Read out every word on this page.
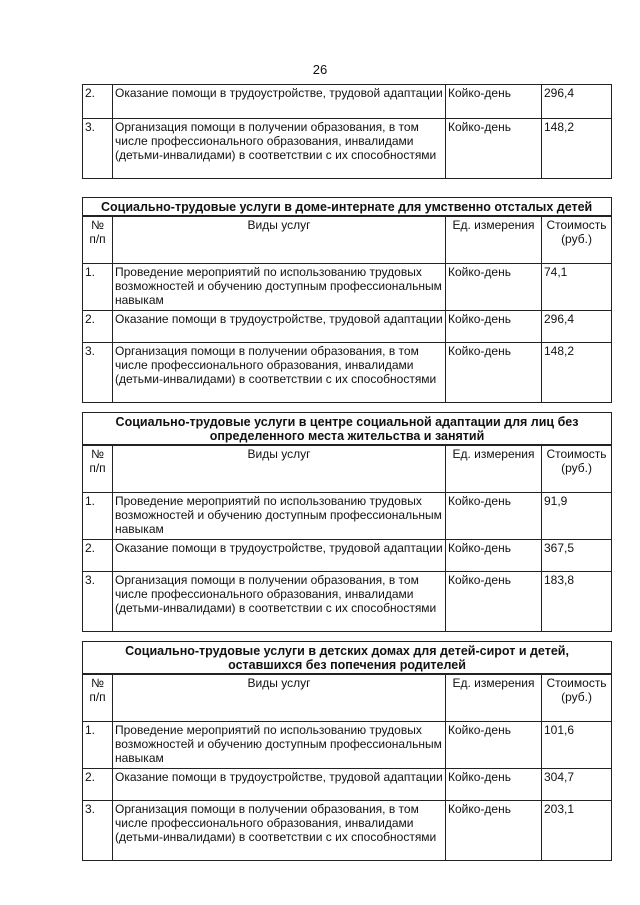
26
2.	Оказание помощи в трудоустройстве, трудовой адаптации	Койко-день	296,4
3.	Организация помощи в получении образования, в том числе профессионального образования, инвалидами (детьми-инвалидами) в соответствии с их способностями	Койко-день	148,2
Социально-трудовые услуги в доме-интернате для умственно отсталых детей			
№ п/п	Виды услуг	Ед. измерения	Стоимость (руб.)
1.	Проведение мероприятий по использованию трудовых возможностей и обучению доступным профессиональным навыкам	Койко-день	74,1
2.	Оказание помощи в трудоустройстве, трудовой адаптации	Койко-день	296,4
3.	Организация помощи в получении образования, в том числе профессионального образования, инвалидами (детьми-инвалидами) в соответствии с их способностями	Койко-день	148,2
Социально-трудовые услуги в центре социальной адаптации для лиц без определенного места жительства и занятий			
№ п/п	Виды услуг	Ед. измерения	Стоимость (руб.)
1.	Проведение мероприятий по использованию трудовых возможностей и обучению доступным профессиональным навыкам	Койко-день	91,9
2.	Оказание помощи в трудоустройстве, трудовой адаптации	Койко-день	367,5
3.	Организация помощи в получении образования, в том числе профессионального образования, инвалидами (детьми-инвалидами) в соответствии с их способностями	Койко-день	183,8
Социально-трудовые услуги в детских домах для детей-сирот и детей, оставшихся без попечения родителей			
№ п/п	Виды услуг	Ед. измерения	Стоимость (руб.)
1.	Проведение мероприятий по использованию трудовых возможностей и обучению доступным профессиональным навыкам	Койко-день	101,6
2.	Оказание помощи в трудоустройстве, трудовой адаптации	Койко-день	304,7
3.	Организация помощи в получении образования, в том числе профессионального образования, инвалидами (детьми-инвалидами) в соответствии с их способностями	Койко-день	203,1
